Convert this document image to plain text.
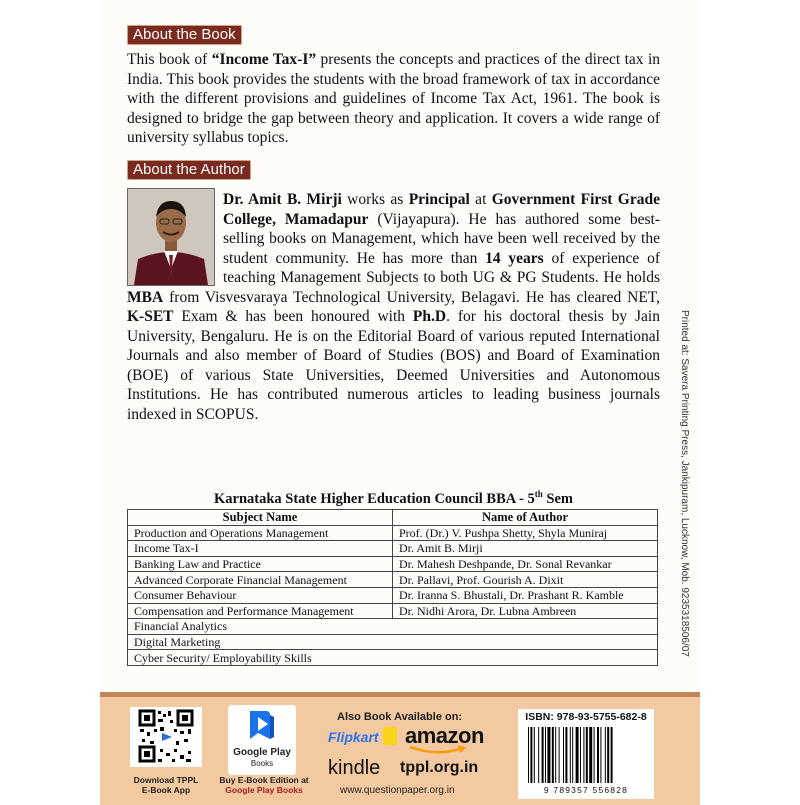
About the Book
This book of “Income Tax-I” presents the concepts and practices of the direct tax in India. This book provides the students with the broad framework of tax in accordance with the different provisions and guidelines of Income Tax Act, 1961. The book is designed to bridge the gap between theory and application. It covers a wide range of university syllabus topics.
About the Author
Dr. Amit B. Mirji works as Principal at Government First Grade College, Mamadapur (Vijayapura). He has authored some best-selling books on Management, which have been well received by the student community. He has more than 14 years of experience of teaching Management Subjects to both UG & PG Students. He holds MBA from Visvesvaraya Technological University, Belagavi. He has cleared NET, K-SET Exam & has been honoured with Ph.D. for his doctoral thesis by Jain University, Bengaluru. He is on the Editorial Board of various reputed International Journals and also member of Board of Studies (BOS) and Board of Examination (BOE) of various State Universities, Deemed Universities and Autonomous Institutions. He has contributed numerous articles to leading business journals indexed in SCOPUS.
Karnataka State Higher Education Council BBA - 5th Sem
Subject Name	Name of Author
Production and Operations Management	Prof. (Dr.) V. Pushpa Shetty, Shyla Muniraj
Income Tax-I	Dr. Amit B. Mirji
Banking Law and Practice	Dr. Mahesh Deshpande, Dr. Sonal Revankar
Advanced Corporate Financial Management	Dr. Pallavi, Prof. Gourish A. Dixit
Consumer Behaviour	Dr. Iranna S. Bhustali, Dr. Prashant R. Kamble
Compensation and Performance Management	Dr. Nidhi Arora, Dr. Lubna Ambreen
Financial Analytics	
Digital Marketing	
Cyber Security/ Employability Skills	
Printed at: Savera Printing Press, Jankipuram, Lucknow, Mob. 9235318506/07
Download TPPL
E-Book App
Google Play
Books
Buy E-Book Edition at
Google Play Books
Also Book Available on:
Flipkart amazon
kindle tppl.org.in
www.questionpaper.org.in
ISBN: 978-93-5755-682-8
9 789357 556828
